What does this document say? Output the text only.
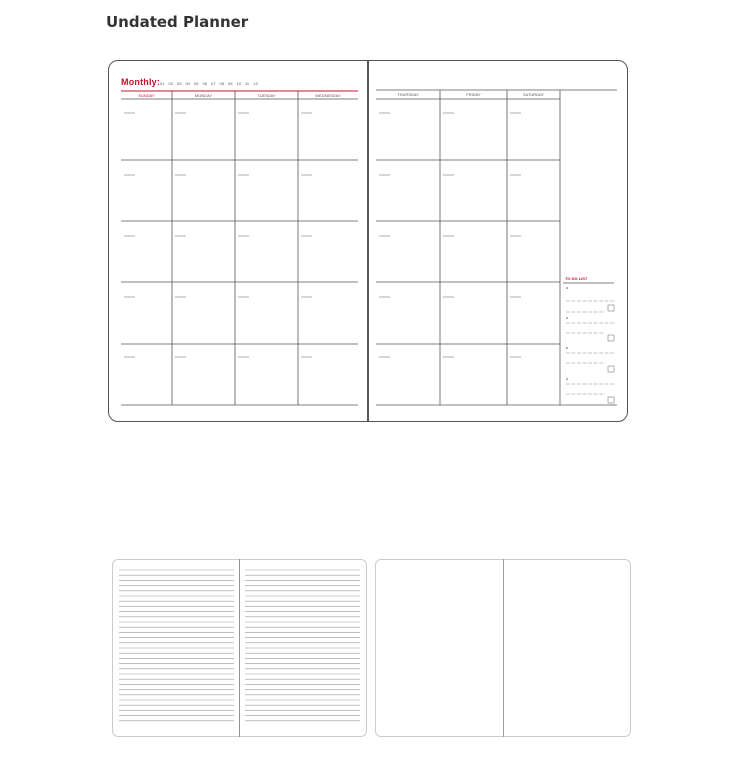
Undated Planner
Monthly: 01 02 03 04 05 06 07 08 09 10 11 12
SUNDAY	MONDAY	TUESDAY	WEDNESDAY	THURSDAY	FRIDAY	SATURDAY
TO DO LIST
